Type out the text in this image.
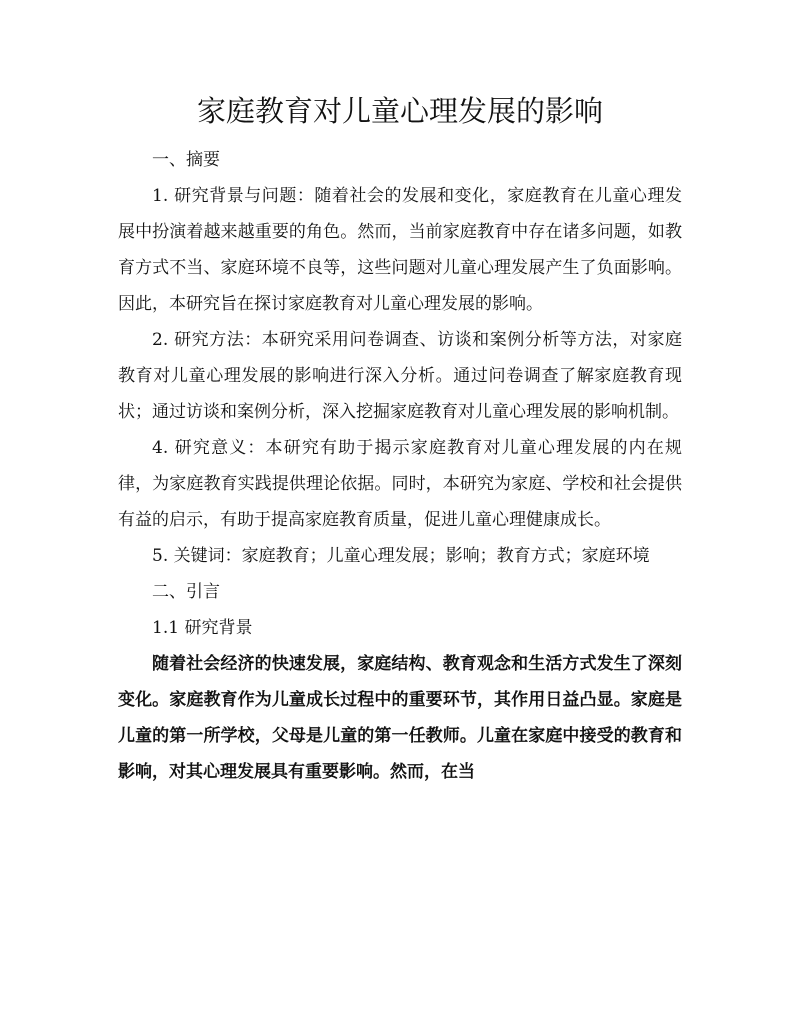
家庭教育对儿童心理发展的影响

一、摘要

1. 研究背景与问题：随着社会的发展和变化，家庭教育在儿童心理发展中扮演着越来越重要的角色。然而，当前家庭教育中存在诸多问题，如教育方式不当、家庭环境不良等，这些问题对儿童心理发展产生了负面影响。因此，本研究旨在探讨家庭教育对儿童心理发展的影响。

2. 研究方法：本研究采用问卷调查、访谈和案例分析等方法，对家庭教育对儿童心理发展的影响进行深入分析。通过问卷调查了解家庭教育现状；通过访谈和案例分析，深入挖掘家庭教育对儿童心理发展的影响机制。

4. 研究意义：本研究有助于揭示家庭教育对儿童心理发展的内在规律，为家庭教育实践提供理论依据。同时，本研究为家庭、学校和社会提供有益的启示，有助于提高家庭教育质量，促进儿童心理健康成长。

5. 关键词：家庭教育；儿童心理发展；影响；教育方式；家庭环境

二、引言

1.1 研究背景

随着社会经济的快速发展，家庭结构、教育观念和生活方式发生了深刻变化。家庭教育作为儿童成长过程中的重要环节，其作用日益凸显。家庭是儿童的第一所学校，父母是儿童的第一任教师。儿童在家庭中接受的教育和影响，对其心理发展具有重要影响。然而，在当
